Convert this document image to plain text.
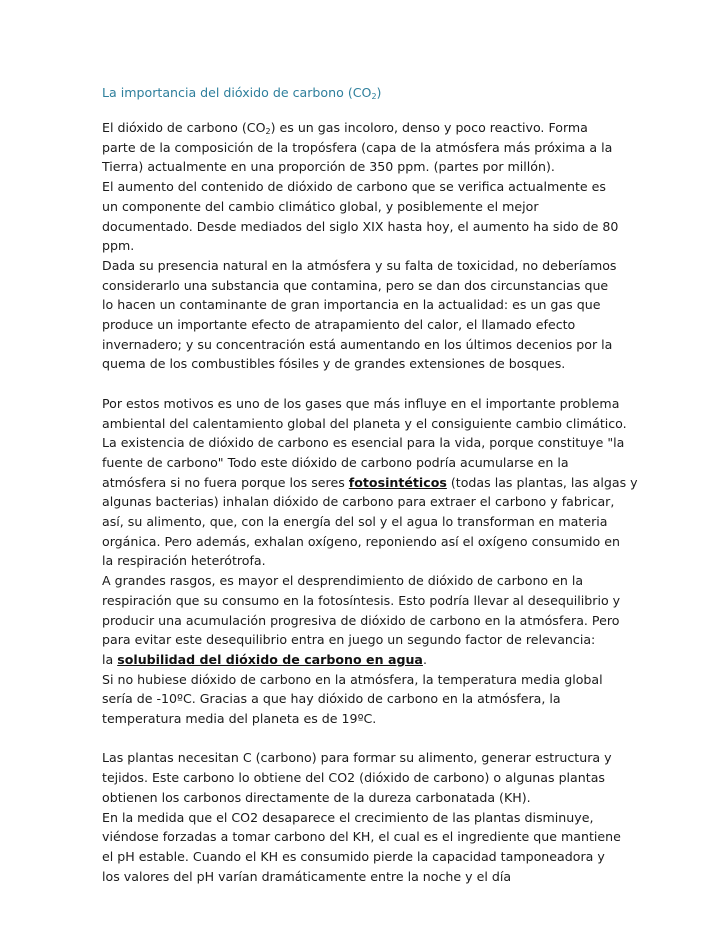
La importancia del dióxido de carbono $(CO_2)$
El dióxido de carbono $(CO_2)$ es un gas incoloro, denso y poco reactivo. Forma
parte de la composición de la tropósfera (capa de la atmósfera más próxima a la
Tierra) actualmente en una proporción de 350 ppm. (partes por millón).
El aumento del contenido de dióxido de carbono que se verifica actualmente es
un componente del cambio climático global, y posiblemente el mejor
documentado. Desde mediados del siglo XIX hasta hoy, el aumento ha sido de 80
ppm.
Dada su presencia natural en la atmósfera y su falta de toxicidad, no deberíamos
considerarlo una substancia que contamina, pero se dan dos circunstancias que
lo hacen un contaminante de gran importancia en la actualidad: es un gas que
produce un importante efecto de atrapamiento del calor, el llamado efecto
invernadero; y su concentración está aumentando en los últimos decenios por la
quema de los combustibles fósiles y de grandes extensiones de bosques.
Por estos motivos es uno de los gases que más influye en el importante problema
ambiental del calentamiento global del planeta y el consiguiente cambio climático.
La existencia de dióxido de carbono es esencial para la vida, porque constituye "la
fuente de carbono" Todo este dióxido de carbono podría acumularse en la
atmósfera si no fuera porque los seres fotosintéticos (todas las plantas, las algas y
algunas bacterias) inhalan dióxido de carbono para extraer el carbono y fabricar,
así, su alimento, que, con la energía del sol y el agua lo transforman en materia
orgánica. Pero además, exhalan oxígeno, reponiendo así el oxígeno consumido en
la respiración heterótrofa.
A grandes rasgos, es mayor el desprendimiento de dióxido de carbono en la
respiración que su consumo en la fotosíntesis. Esto podría llevar al desequilibrio y
producir una acumulación progresiva de dióxido de carbono en la atmósfera. Pero
para evitar este desequilibrio entra en juego un segundo factor de relevancia:
la solubilidad del dióxido de carbono en agua.
Si no hubiese dióxido de carbono en la atmósfera, la temperatura media global
sería de -10ºC. Gracias a que hay dióxido de carbono en la atmósfera, la
temperatura media del planeta es de 19ºC.
Las plantas necesitan C (carbono) para formar su alimento, generar estructura y
tejidos. Este carbono lo obtiene del CO2 (dióxido de carbono) o algunas plantas
obtienen los carbonos directamente de la dureza carbonatada (KH).
En la medida que el CO2 desaparece el crecimiento de las plantas disminuye,
viéndose forzadas a tomar carbono del KH, el cual es el ingrediente que mantiene
el pH estable. Cuando el KH es consumido pierde la capacidad tamponeadora y
los valores del pH varían dramáticamente entre la noche y el día
